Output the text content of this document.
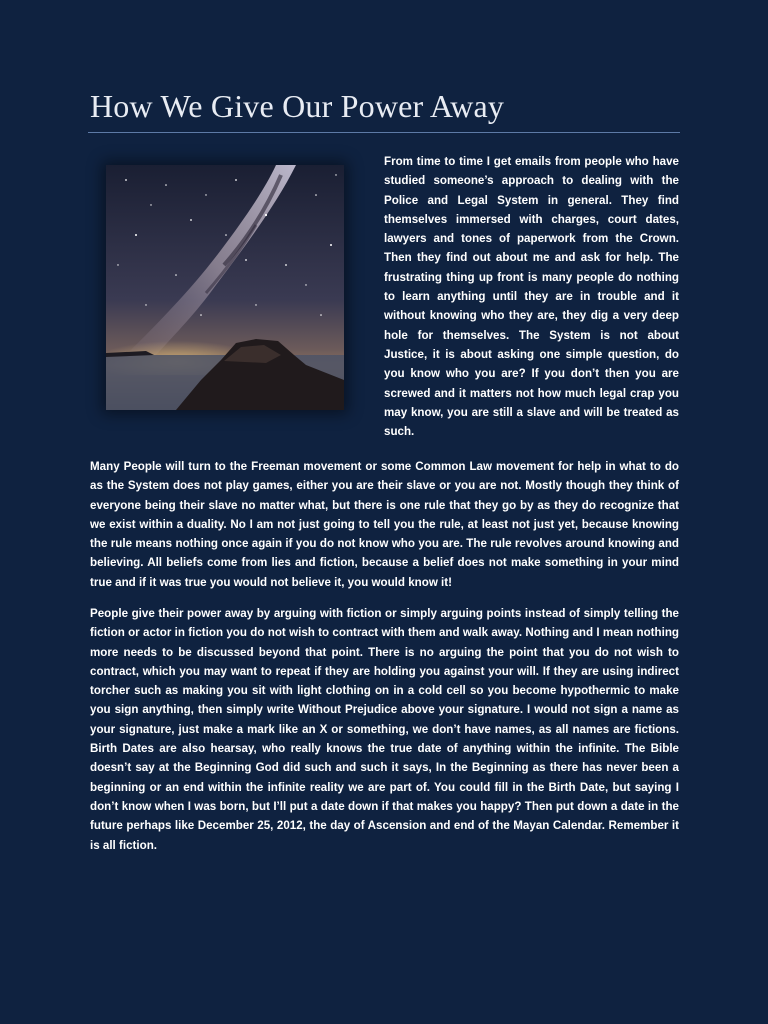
How We Give Our Power Away

From time to time I get emails from people who have studied someone’s approach to dealing with the Police and Legal System in general. They find themselves immersed with charges, court dates, lawyers and tones of paperwork from the Crown. Then they find out about me and ask for help. The frustrating thing up front is many people do nothing to learn anything until they are in trouble and it without knowing who they are, they dig a very deep hole for themselves. The System is not about Justice, it is about asking one simple question, do you know who you are? If you don’t then you are screwed and it matters not how much legal crap you may know, you are still a slave and will be treated as such.

Many People will turn to the Freeman movement or some Common Law movement for help in what to do as the System does not play games, either you are their slave or you are not. Mostly though they think of everyone being their slave no matter what, but there is one rule that they go by as they do recognize that we exist within a duality. No I am not just going to tell you the rule, at least not just yet, because knowing the rule means nothing once again if you do not know who you are. The rule revolves around knowing and believing. All beliefs come from lies and fiction, because a belief does not make something in your mind true and if it was true you would not believe it, you would know it!

People give their power away by arguing with fiction or simply arguing points instead of simply telling the fiction or actor in fiction you do not wish to contract with them and walk away. Nothing and I mean nothing more needs to be discussed beyond that point. There is no arguing the point that you do not wish to contract, which you may want to repeat if they are holding you against your will. If they are using indirect torcher such as making you sit with light clothing on in a cold cell so you become hypothermic to make you sign anything, then simply write Without Prejudice above your signature. I would not sign a name as your signature, just make a mark like an X or something, we don’t have names, as all names are fictions. Birth Dates are also hearsay, who really knows the true date of anything within the infinite. The Bible doesn’t say at the Beginning God did such and such it says, In the Beginning as there has never been a beginning or an end within the infinite reality we are part of. You could fill in the Birth Date, but saying I don’t know when I was born, but I’ll put a date down if that makes you happy? Then put down a date in the future perhaps like December 25, 2012, the day of Ascension and end of the Mayan Calendar. Remember it is all fiction.
